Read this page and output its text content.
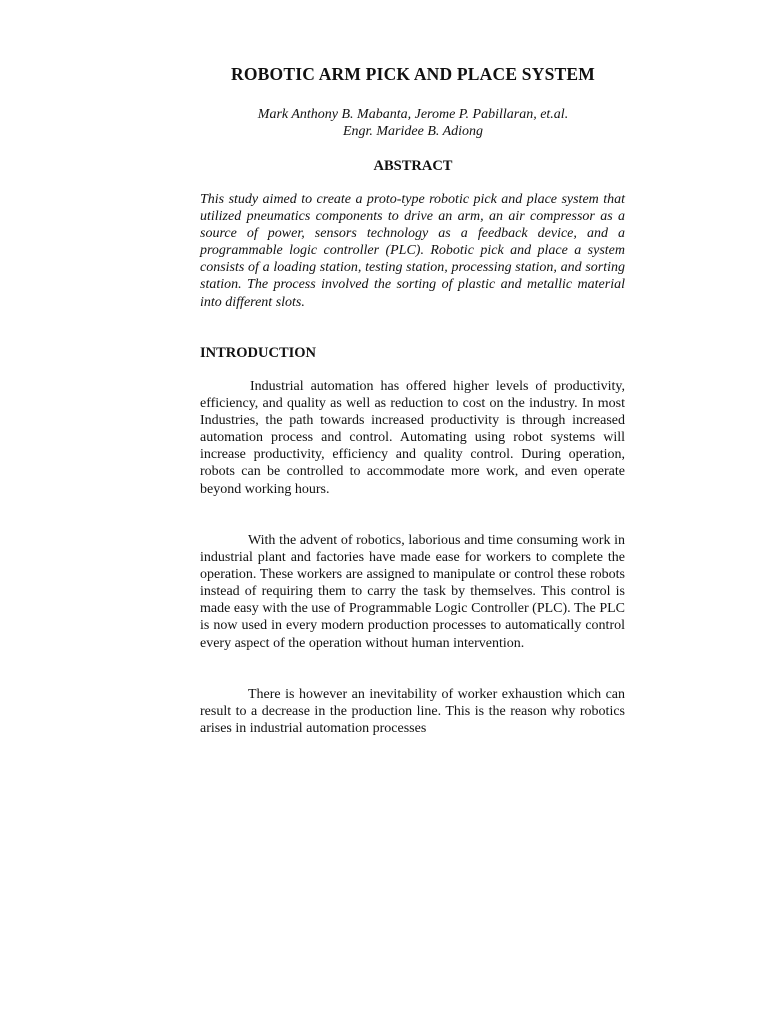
ROBOTIC ARM PICK AND PLACE SYSTEM
Mark Anthony B. Mabanta, Jerome P. Pabillaran, et.al.
Engr. Maridee B. Adiong
ABSTRACT

This study aimed to create a proto-type robotic pick and place system that utilized pneumatics components to drive an arm, an air compressor as a source of power, sensors technology as a feedback device, and a programmable logic controller (PLC). Robotic pick and place a system consists of a loading station, testing station, processing station, and sorting station. The process involved the sorting of plastic and metallic material into different slots.

INTRODUCTION

Industrial automation has offered higher levels of productivity, efficiency, and quality as well as reduction to cost on the industry. In most Industries, the path towards increased productivity is through increased automation process and control. Automating using robot systems will increase productivity, efficiency and quality control. During operation, robots can be controlled to accommodate more work, and even operate beyond working hours.

With the advent of robotics, laborious and time consuming work in industrial plant and factories have made ease for workers to complete the operation. These workers are assigned to manipulate or control these robots instead of requiring them to carry the task by themselves. This control is made easy with the use of Programmable Logic Controller (PLC). The PLC is now used in every modern production processes to automatically control every aspect of the operation without human intervention.

There is however an inevitability of worker exhaustion which can result to a decrease in the production line. This is the reason why robotics arises in industrial automation processes
